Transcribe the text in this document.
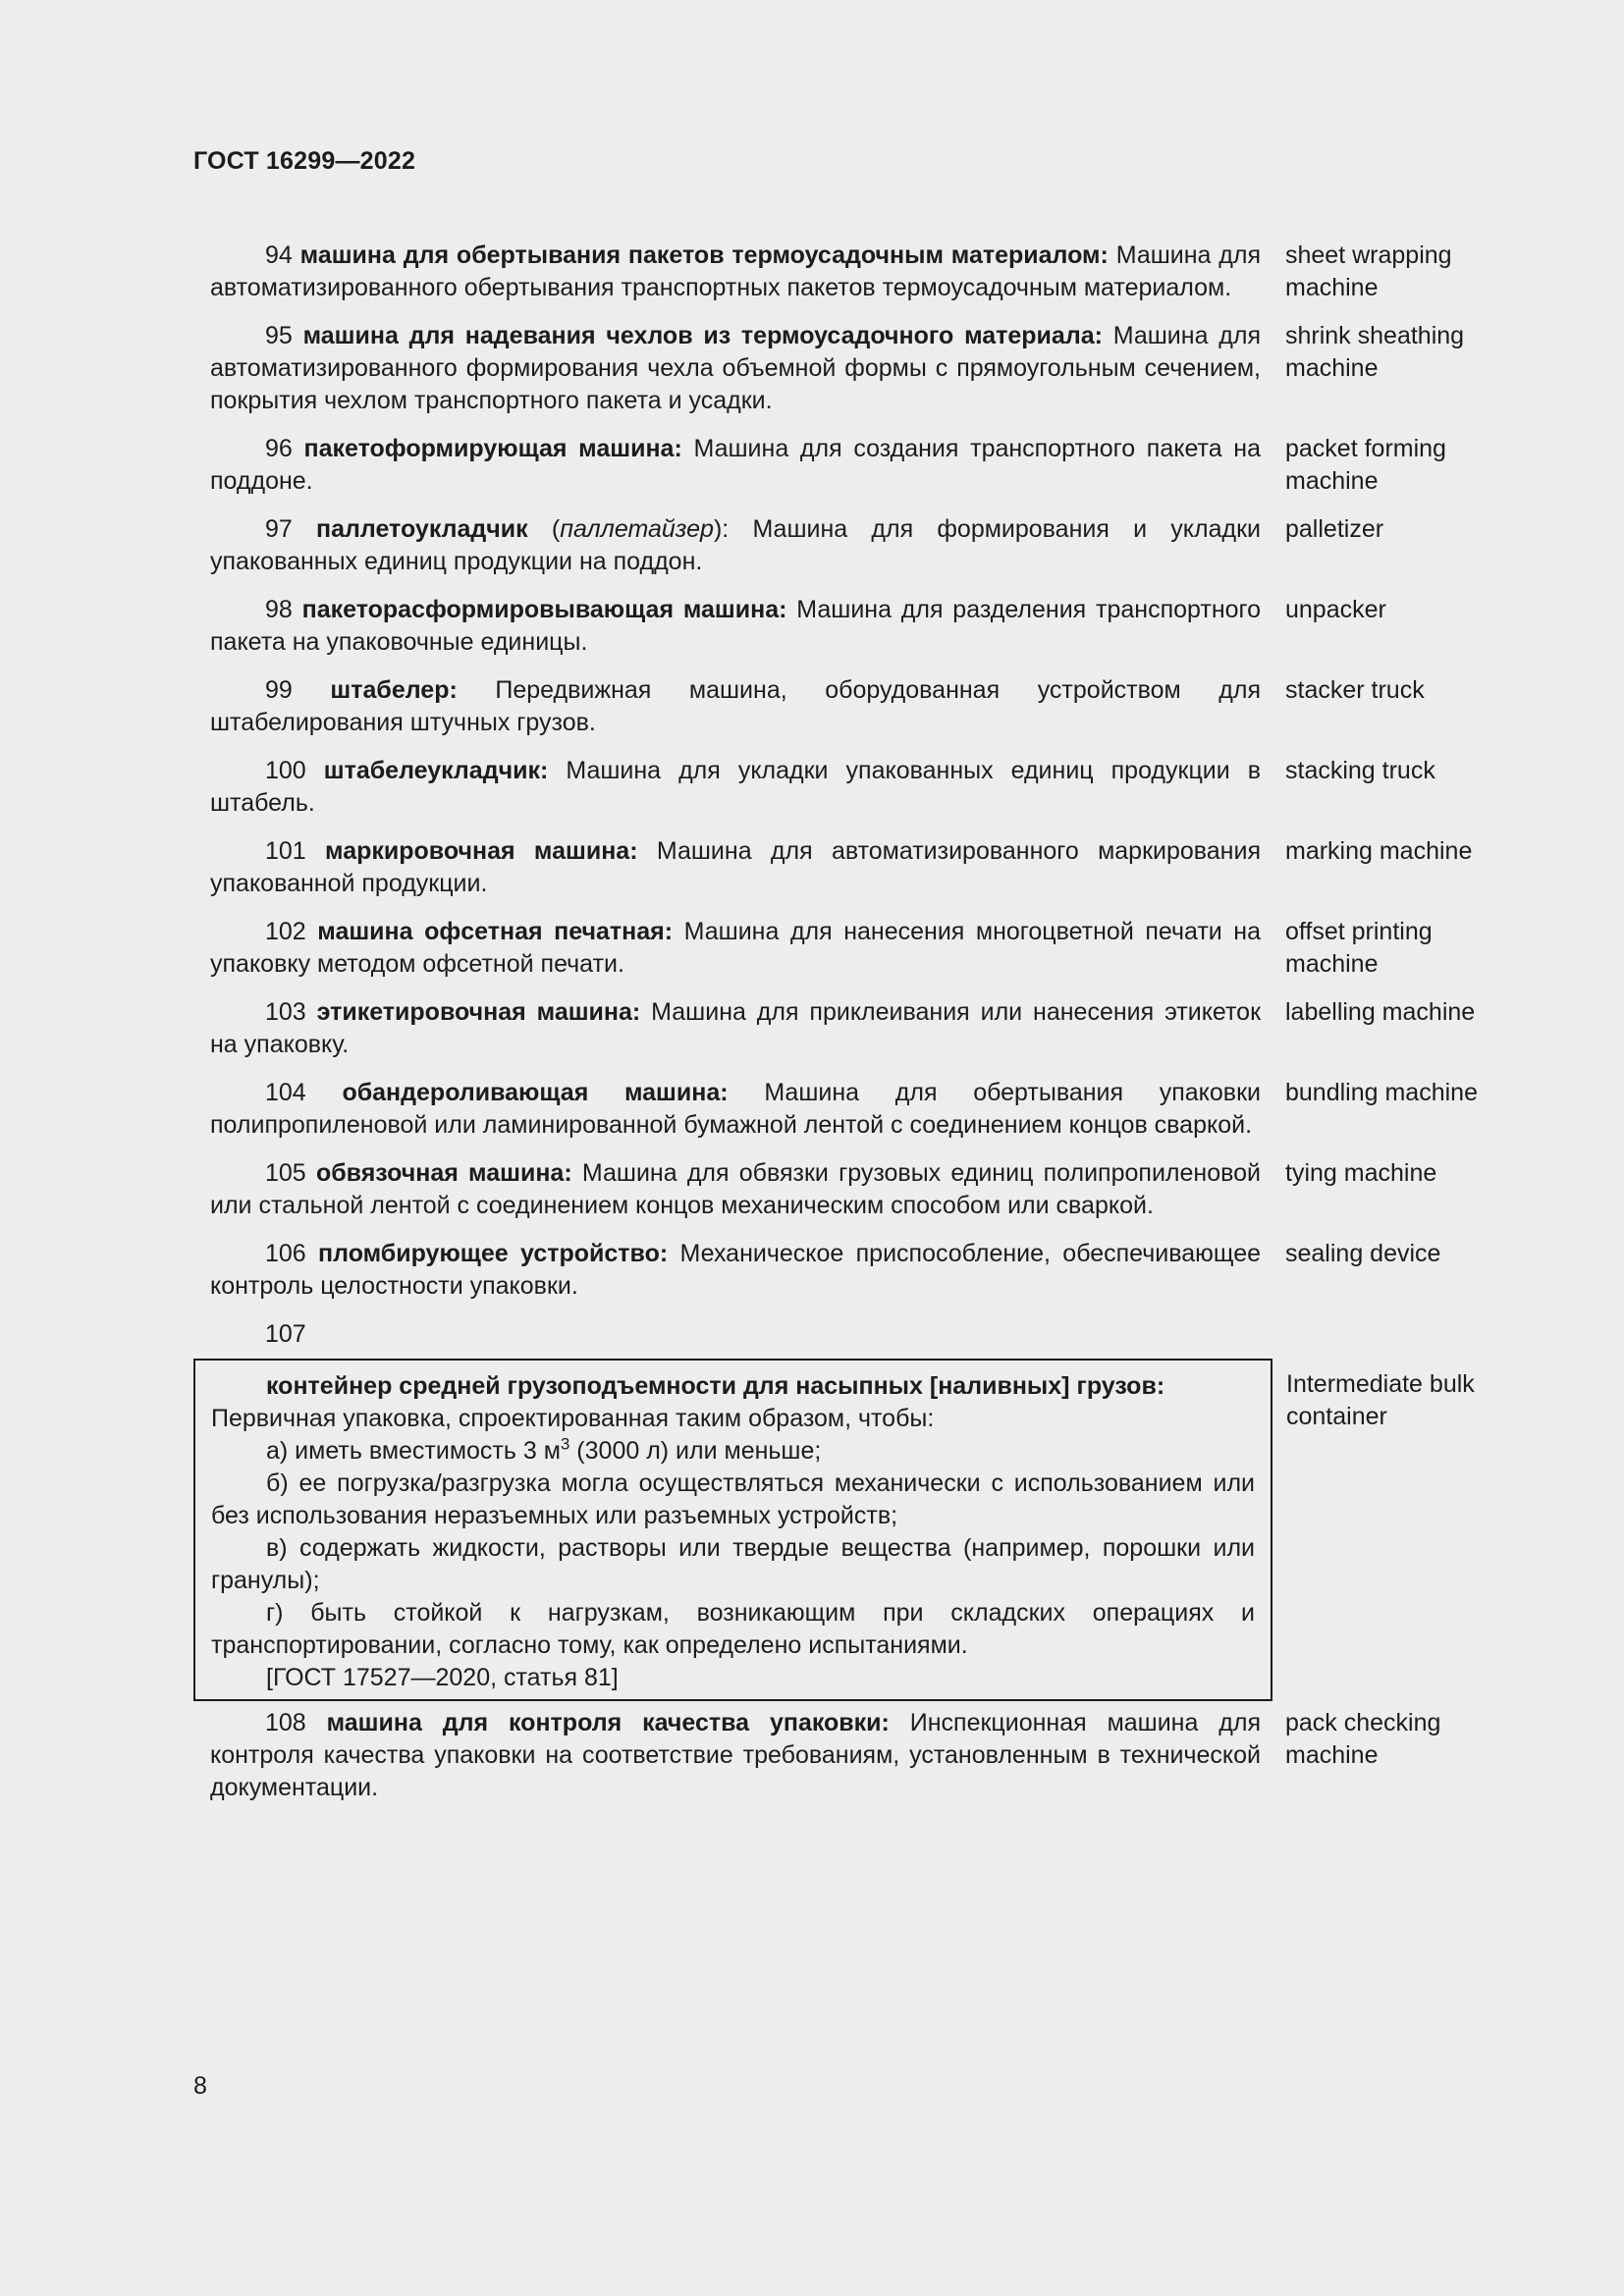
ГОСТ 16299—2022
94 машина для обертывания пакетов термоусадочным материалом: Машина для автоматизированного обертывания транспортных пакетов термоусадочным материалом.
sheet wrapping machine
95 машина для надевания чехлов из термоусадочного материала: Машина для автоматизированного формирования чехла объемной формы с прямоугольным сечением, покрытия чехлом транспортного пакета и усадки.
shrink sheathing machine
96 пакетоформирующая машина: Машина для создания транспортного пакета на поддоне.
packet forming machine
97 паллетоукладчик (паллетайзер): Машина для формирования и укладки упакованных единиц продукции на поддон.
palletizer
98 пакеторасформировывающая машина: Машина для разделения транспортного пакета на упаковочные единицы.
unpacker
99 штабелер: Передвижная машина, оборудованная устройством для штабелирования штучных грузов.
stacker truck
100 штабелеукладчик: Машина для укладки упакованных единиц продукции в штабель.
stacking truck
101 маркировочная машина: Машина для автоматизированного маркирования упакованной продукции.
marking machine
102 машина офсетная печатная: Машина для нанесения многоцветной печати на упаковку методом офсетной печати.
offset printing machine
103 этикетировочная машина: Машина для приклеивания или нанесения этикеток на упаковку.
labelling machine
104 обандероливающая машина: Машина для обертывания упаковки полипропиленовой или ламинированной бумажной лентой с соединением концов сваркой.
bundling machine
105 обвязочная машина: Машина для обвязки грузовых единиц полипропиленовой или стальной лентой с соединением концов механическим способом или сваркой.
tying machine
106 пломбирующее устройство: Механическое приспособление, обеспечивающее контроль целостности упаковки.
sealing device
107
контейнер средней грузоподъемности для насыпных [наливных] грузов:
Первичная упаковка, спроектированная таким образом, чтобы:
а) иметь вместимость 3 $м^3$ (3000 л) или меньше;
б) ее погрузка/разгрузка могла осуществляться механически с использованием или без использования неразъемных или разъемных устройств;
в) содержать жидкости, растворы или твердые вещества (например, порошки или гранулы);
г) быть стойкой к нагрузкам, возникающим при складских операциях и транспортировании, согласно тому, как определено испытаниями.
[ГОСТ 17527—2020, статья 81]
Intermediate bulk container
108 машина для контроля качества упаковки: Инспекционная машина для контроля качества упаковки на соответствие требованиям, установленным в технической документации.
pack checking machine
8
